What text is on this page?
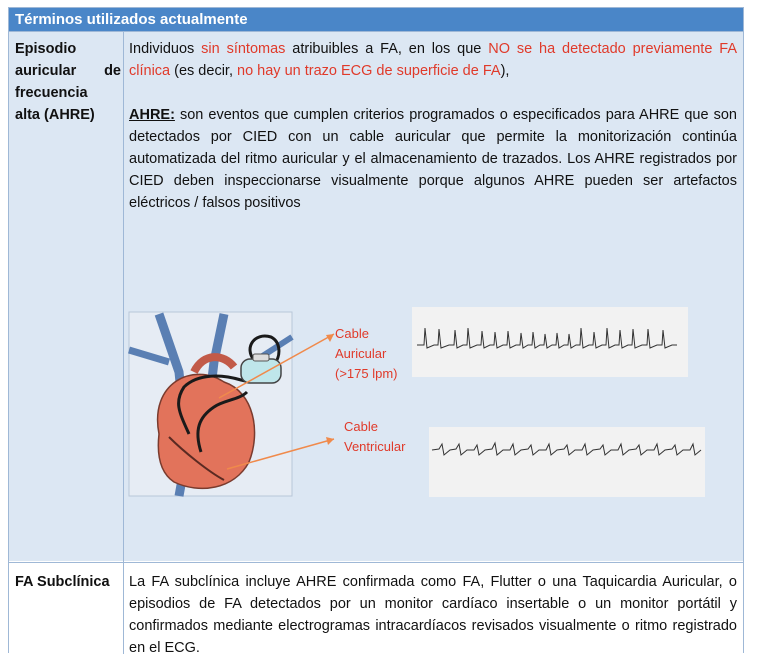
Términos utilizados actualmente
Episodio
auricular de
frecuencia
alta (AHRE)
Individuos sin síntomas atribuibles a FA, en los que NO se ha detectado previamente FA clínica (es decir, no hay un trazo ECG de superficie de FA),
AHRE: son eventos que cumplen criterios programados o especificados para AHRE que son detectados por CIED con un cable auricular que permite la monitorización continúa automatizada del ritmo auricular y el almacenamiento de trazados. Los AHRE registrados por CIED deben inspeccionarse visualmente porque algunos AHRE pueden ser artefactos eléctricos / falsos positivos
Cable
Auricular
(>175 lpm)
Cable
Ventricular
FA Subclínica	La FA subclínica incluye AHRE confirmada como FA, Flutter o una Taquicardia Auricular, o episodios de FA detectados por un monitor cardíaco insertable o un monitor portátil y confirmados mediante electrogramas intracardíacos revisados visualmente o ritmo registrado en el ECG.
